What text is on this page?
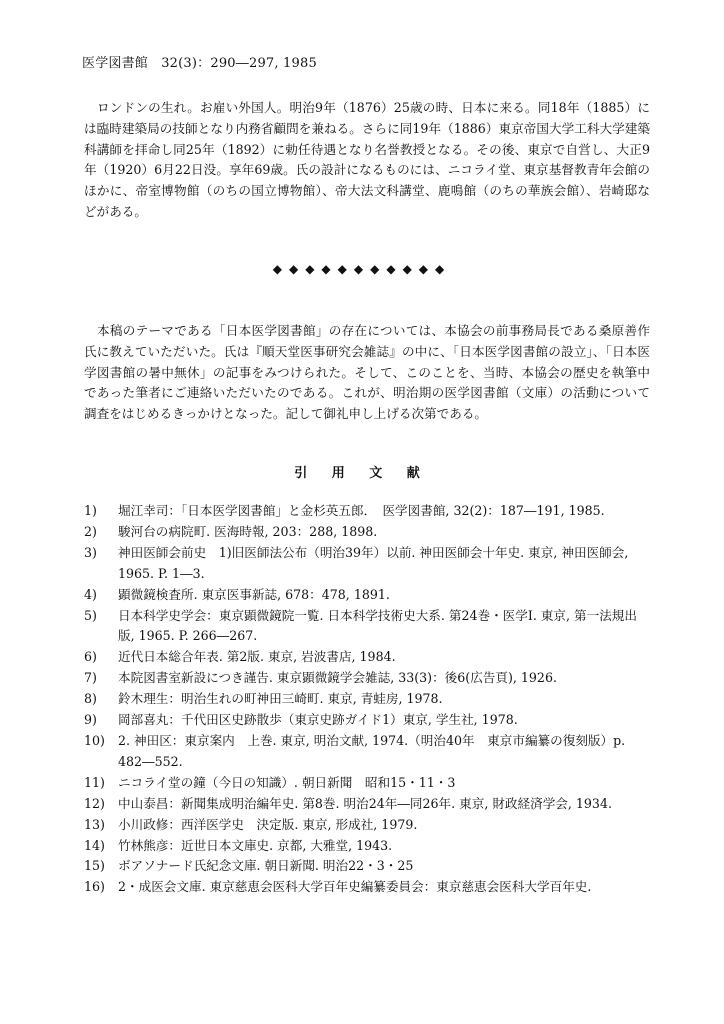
医学図書館　32(3)：290―297, 1985

ロンドンの生れ。お雇い外国人。明治9年（1876）25歳の時、日本に来る。同18年（1885）には臨時建築局の技師となり内務省顧問を兼ねる。さらに同19年（1886）東京帝国大学工科大学建築科講師を拝命し同25年（1892）に勅任待遇となり名誉教授となる。その後、東京で自営し、大正9年（1920）6月22日没。享年69歳。氏の設計になるものには、ニコライ堂、東京基督教青年会館のほかに、帝室博物館（のちの国立博物館）、帝大法文科講堂、鹿鳴館（のちの華族会館）、岩崎邸などがある。

◆◆◆◆◆◆◆◆◆◆◆

本稿のテーマである「日本医学図書館」の存在については、本協会の前事務局長である桑原善作氏に教えていただいた。氏は『順天堂医事研究会雑誌』の中に、「日本医学図書館の設立」、「日本医学図書館の暑中無休」の記事をみつけられた。そして、このことを、当時、本協会の歴史を執筆中であった筆者にご連絡いただいたのである。これが、明治期の医学図書館（文庫）の活動について調査をはじめるきっかけとなった。記して御礼申し上げる次第である。

引 用 文 献
1)	堀江幸司：「日本医学図書館」と金杉英五郎．　医学図書館, 32(2)：187―191, 1985.
2)	駿河台の病院町. 医海時報, 203：288, 1898.
3)	神田医師会前史　1)旧医師法公布（明治39年）以前. 神田医師会十年史. 東京, 神田医師会, 1965. P. 1―3.
4)	顕微鏡検査所. 東京医事新誌, 678：478, 1891.
5)	日本科学史学会：東京顕微鏡院一覧. 日本科学技術史大系. 第24巻・医学I. 東京, 第一法規出版, 1965. P. 266―267.
6)	近代日本総合年表. 第2版. 東京, 岩波書店, 1984.
7)	本院図書室新設につき謹告. 東京顕微鏡学会雑誌, 33(3)：後6(広告頁), 1926.
8)	鈴木理生：明治生れの町神田三崎町. 東京, 青蛙房, 1978.
9)	岡部喜丸：千代田区史跡散歩（東京史跡ガイド1）東京, 学生社, 1978.
10)	2. 神田区：東京案内　上巻. 東京, 明治文献, 1974.（明治40年　東京市編纂の復刻版）p. 482―552.
11)	ニコライ堂の鐘（今日の知識）. 朝日新聞　昭和15・11・3
12)	中山泰昌：新聞集成明治編年史. 第8巻. 明治24年―同26年. 東京, 財政経済学会, 1934.
13)	小川政修：西洋医学史　決定版. 東京, 形成社, 1979.
14)	竹林熊彦：近世日本文庫史. 京都, 大雅堂, 1943.
15)	ボアソナード氏紀念文庫. 朝日新聞. 明治22・3・25
16)	2・成医会文庫. 東京慈恵会医科大学百年史編纂委員会：東京慈恵会医科大学百年史.
